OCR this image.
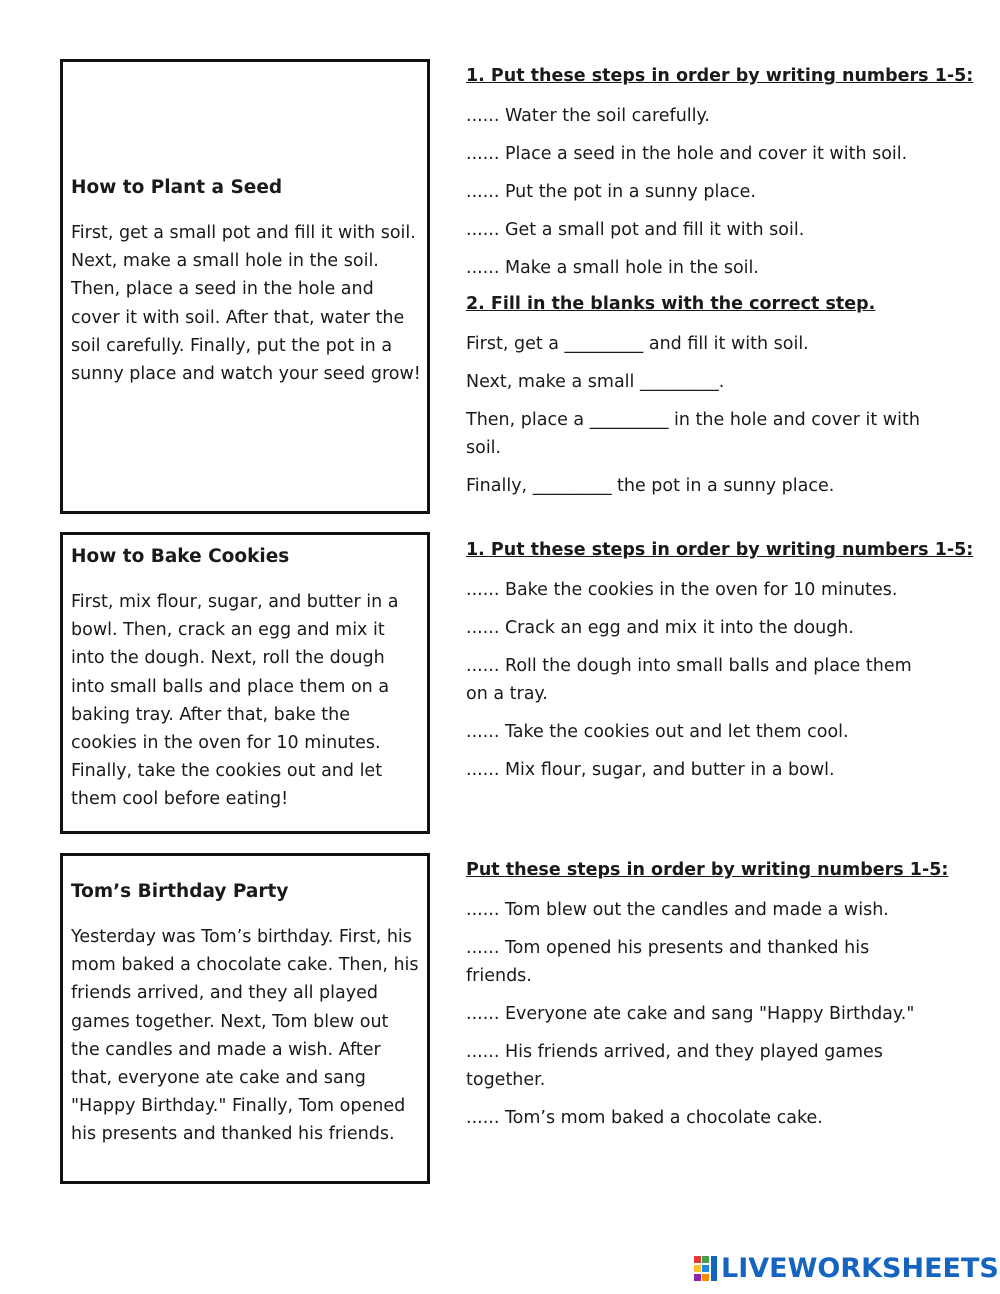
How to Plant a Seed

First, get a small pot and fill it with soil. Next, make a small hole in the soil. Then, place a seed in the hole and cover it with soil. After that, water the soil carefully. Finally, put the pot in a sunny place and watch your seed grow!

How to Bake Cookies

First, mix flour, sugar, and butter in a bowl. Then, crack an egg and mix it into the dough. Next, roll the dough into small balls and place them on a baking tray. After that, bake the cookies in the oven for 10 minutes. Finally, take the cookies out and let them cool before eating!

Tom’s Birthday Party

Yesterday was Tom’s birthday. First, his mom baked a chocolate cake. Then, his friends arrived, and they all played games together. Next, Tom blew out the candles and made a wish. After that, everyone ate cake and sang "Happy Birthday." Finally, Tom opened his presents and thanked his friends.

1. Put these steps in order by writing numbers 1-5:

...... Water the soil carefully.

...... Place a seed in the hole and cover it with soil.

...... Put the pot in a sunny place.

...... Get a small pot and fill it with soil.

...... Make a small hole in the soil.

2. Fill in the blanks with the correct step.

First, get a _________ and fill it with soil.

Next, make a small _________.

Then, place a _________ in the hole and cover it with soil.

Finally, _________ the pot in a sunny place.

1. Put these steps in order by writing numbers 1-5:

...... Bake the cookies in the oven for 10 minutes.

...... Crack an egg and mix it into the dough.

...... Roll the dough into small balls and place them on a tray.

...... Take the cookies out and let them cool.

...... Mix flour, sugar, and butter in a bowl.

Put these steps in order by writing numbers 1-5:

...... Tom blew out the candles and made a wish.

...... Tom opened his presents and thanked his friends.

...... Everyone ate cake and sang "Happy Birthday."

...... His friends arrived, and they played games together.

...... Tom’s mom baked a chocolate cake.

LIVEWORKSHEETS
